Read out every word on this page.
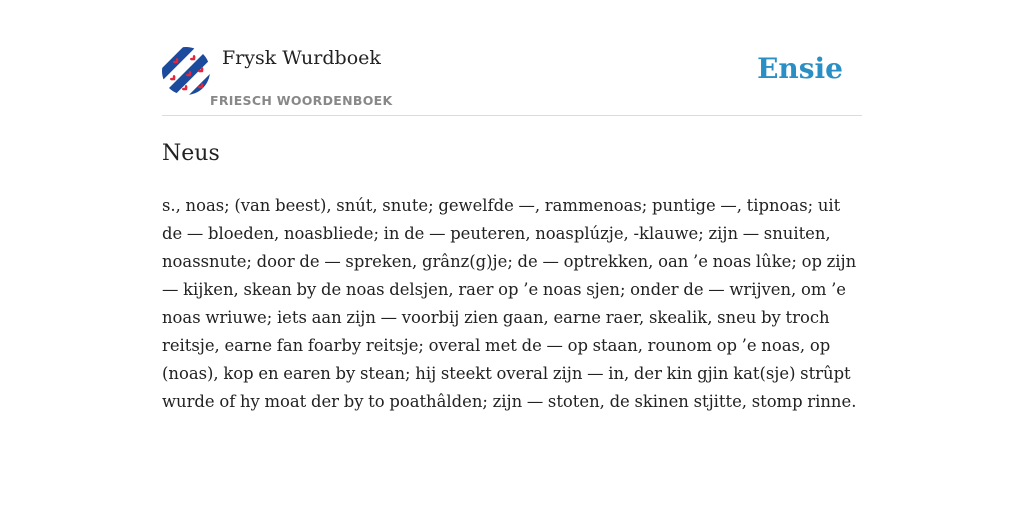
Frysk Wurdboek
FRIESCH WOORDENBOEK
Ensie
Neus

s., noas; (van beest), snút, snute; gewelfde —, rammenoas; puntige —, tipnoas; uit de — bloeden, noasbliede; in de — peuteren, noasplúzje, -klauwe; zijn — snuiten, noassnute; door de — spreken, grânz(g)je; de — optrekken, oan ’e noas lûke; op zijn — kijken, skean by de noas delsjen, raer op ’e noas sjen; onder de — wrijven, om ’e noas wriuwe; iets aan zijn — voorbij zien gaan, earne raer, skealik, sneu by troch reitsje, earne fan foarby reitsje; overal met de — op staan, rounom op ’e noas, op (noas), kop en earen by stean; hij steekt overal zijn — in, der kin gjin kat(sje) strûpt wurde of hy moat der by to poathâlden; zijn — stoten, de skinen stjitte, stomp rinne.
